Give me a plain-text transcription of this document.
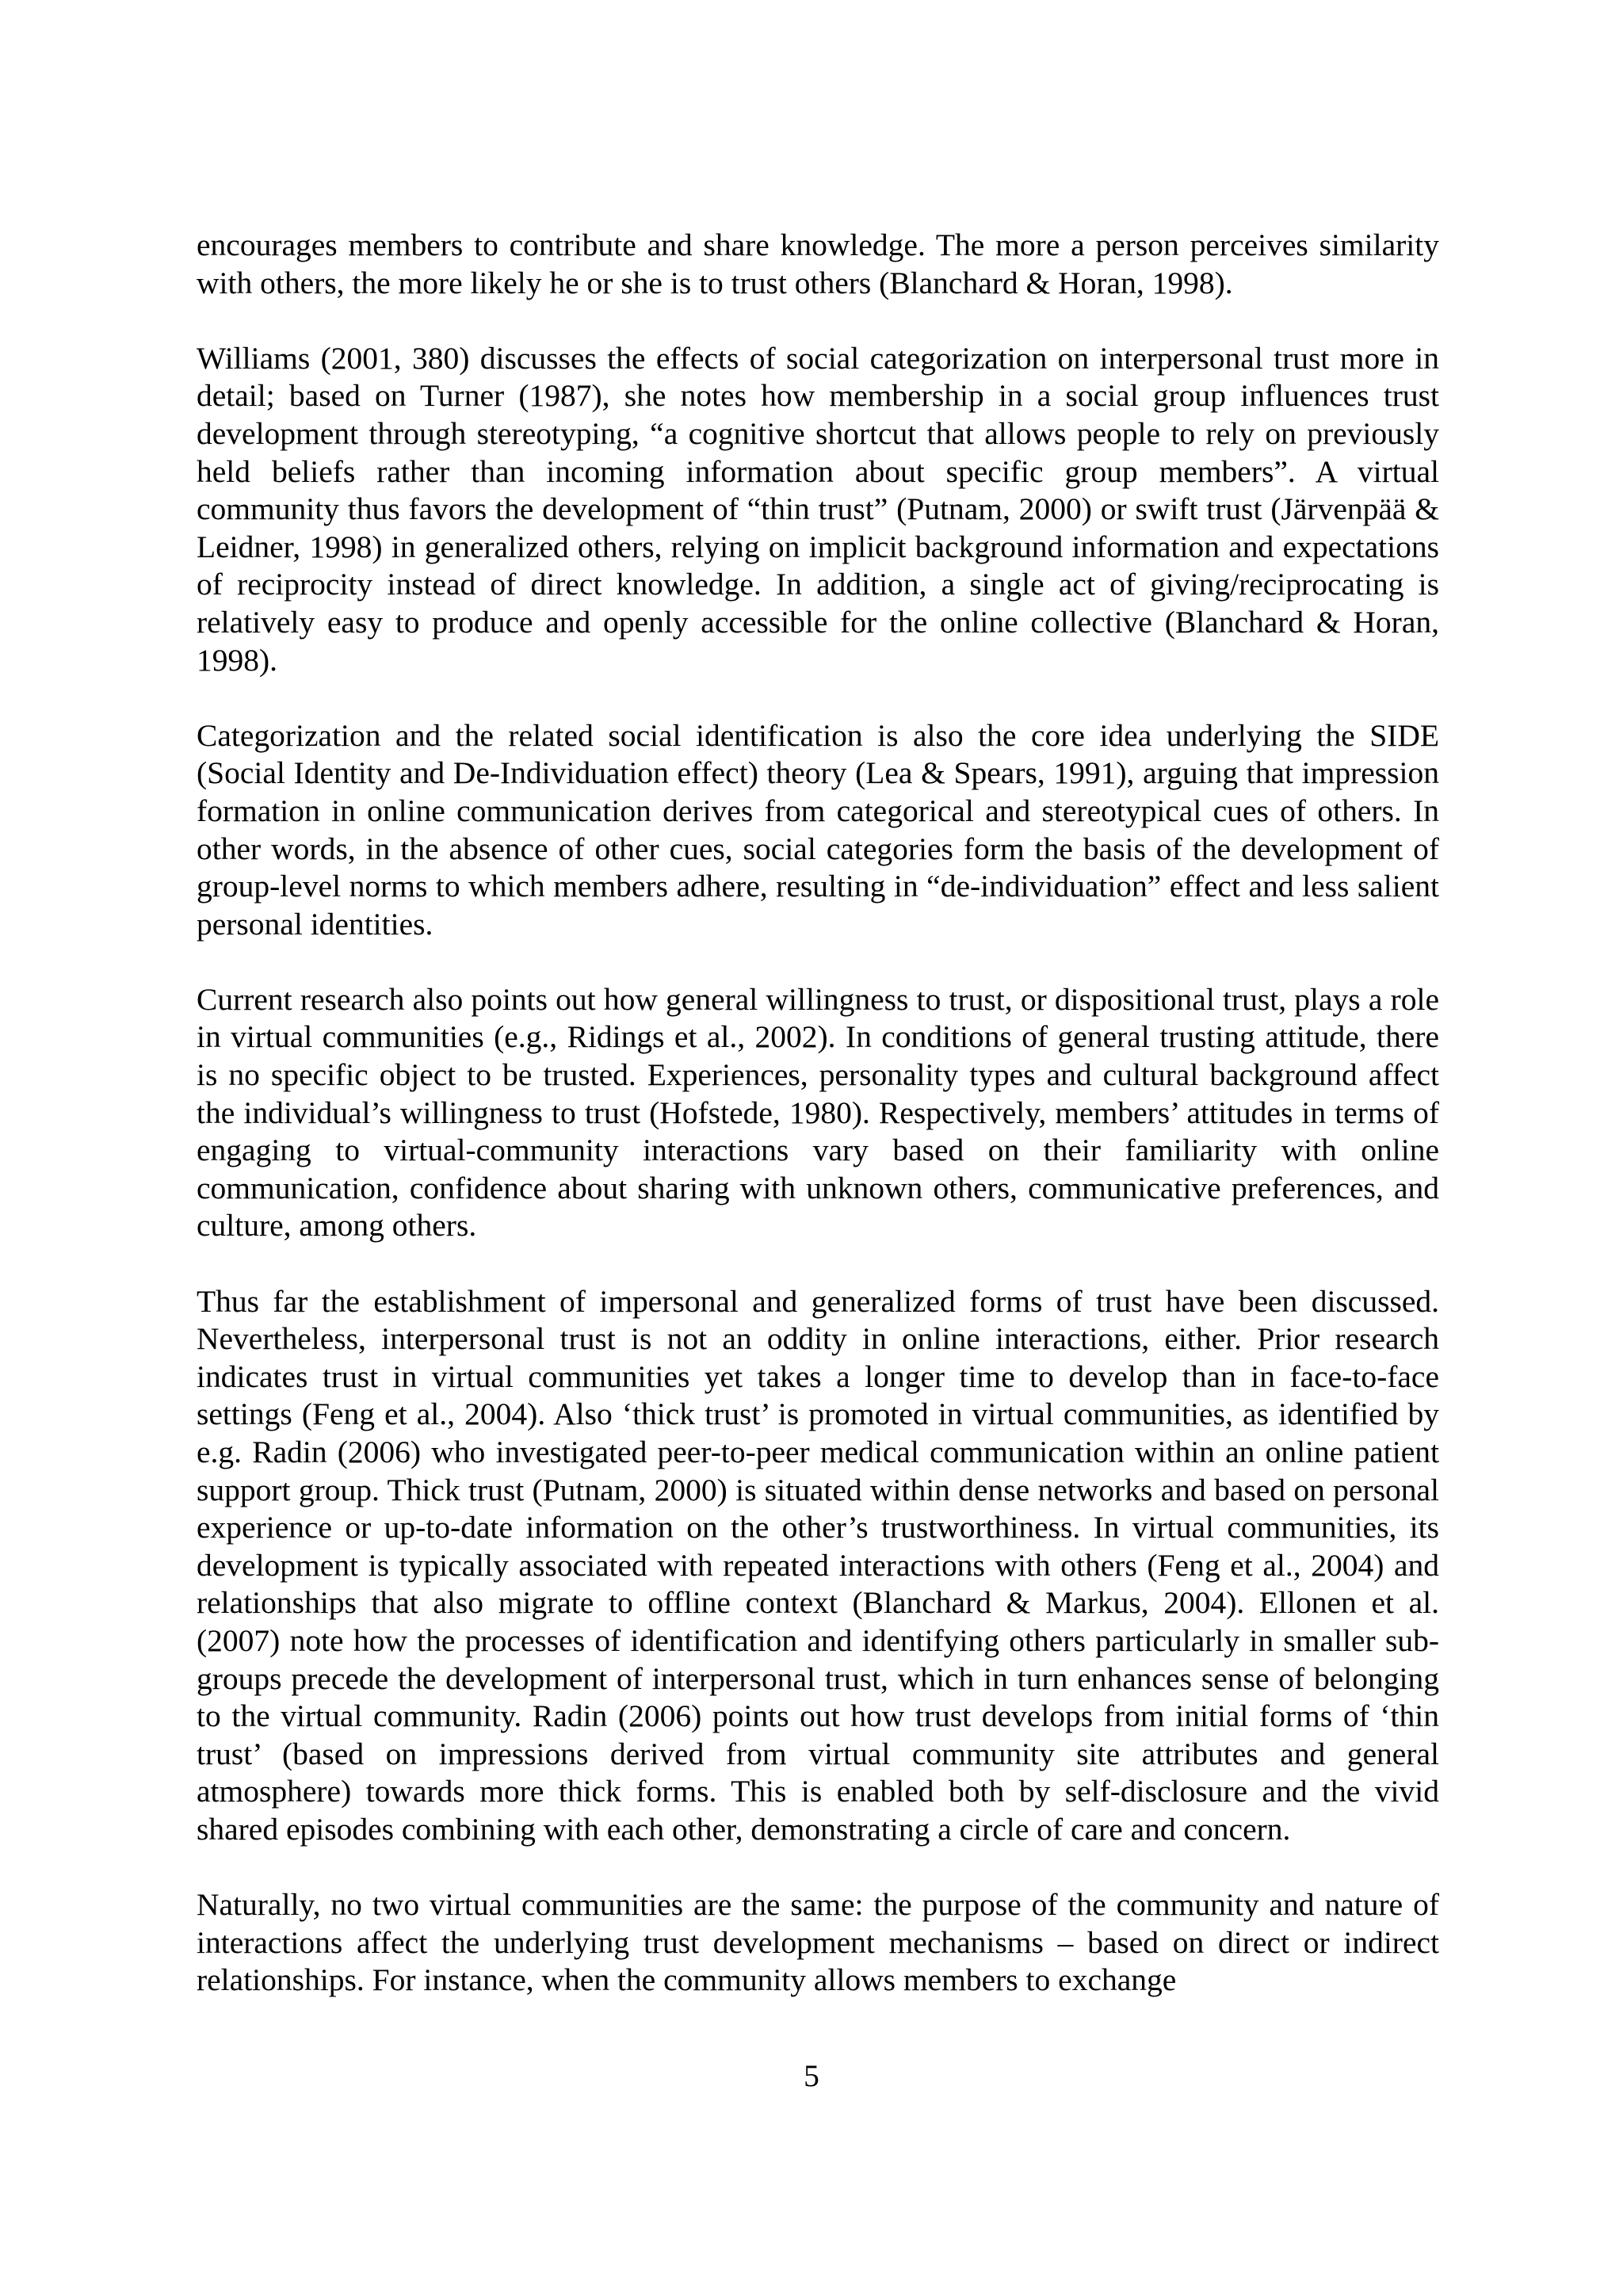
encourages members to contribute and share knowledge. The more a person perceives similarity with others, the more likely he or she is to trust others (Blanchard & Horan, 1998).

Williams (2001, 380) discusses the effects of social categorization on interpersonal trust more in detail; based on Turner (1987), she notes how membership in a social group influences trust development through stereotyping, “a cognitive shortcut that allows people to rely on previously held beliefs rather than incoming information about specific group members”. A virtual community thus favors the development of “thin trust” (Putnam, 2000) or swift trust (Järvenpää & Leidner, 1998) in generalized others, relying on implicit background information and expectations of reciprocity instead of direct knowledge. In addition, a single act of giving/reciprocating is relatively easy to produce and openly accessible for the online collective (Blanchard & Horan, 1998).

Categorization and the related social identification is also the core idea underlying the SIDE (Social Identity and De-Individuation effect) theory (Lea & Spears, 1991), arguing that impression formation in online communication derives from categorical and stereotypical cues of others. In other words, in the absence of other cues, social categories form the basis of the development of group-level norms to which members adhere, resulting in “de-individuation” effect and less salient personal identities.

Current research also points out how general willingness to trust, or dispositional trust, plays a role in virtual communities (e.g., Ridings et al., 2002). In conditions of general trusting attitude, there is no specific object to be trusted. Experiences, personality types and cultural background affect the individual’s willingness to trust (Hofstede, 1980). Respectively, members’ attitudes in terms of engaging to virtual-community interactions vary based on their familiarity with online communication, confidence about sharing with unknown others, communicative preferences, and culture, among others.

Thus far the establishment of impersonal and generalized forms of trust have been discussed. Nevertheless, interpersonal trust is not an oddity in online interactions, either. Prior research indicates trust in virtual communities yet takes a longer time to develop than in face-to-face settings (Feng et al., 2004). Also ‘thick trust’ is promoted in virtual communities, as identified by e.g. Radin (2006) who investigated peer-to-peer medical communication within an online patient support group. Thick trust (Putnam, 2000) is situated within dense networks and based on personal experience or up-to-date information on the other’s trustworthiness. In virtual communities, its development is typically associated with repeated interactions with others (Feng et al., 2004) and relationships that also migrate to offline context (Blanchard & Markus, 2004). Ellonen et al. (2007) note how the processes of identification and identifying others particularly in smaller sub-groups precede the development of interpersonal trust, which in turn enhances sense of belonging to the virtual community. Radin (2006) points out how trust develops from initial forms of ‘thin trust’ (based on impressions derived from virtual community site attributes and general atmosphere) towards more thick forms. This is enabled both by self-disclosure and the vivid shared episodes combining with each other, demonstrating a circle of care and concern.

Naturally, no two virtual communities are the same: the purpose of the community and nature of interactions affect the underlying trust development mechanisms – based on direct or indirect relationships. For instance, when the community allows members to exchange

5
